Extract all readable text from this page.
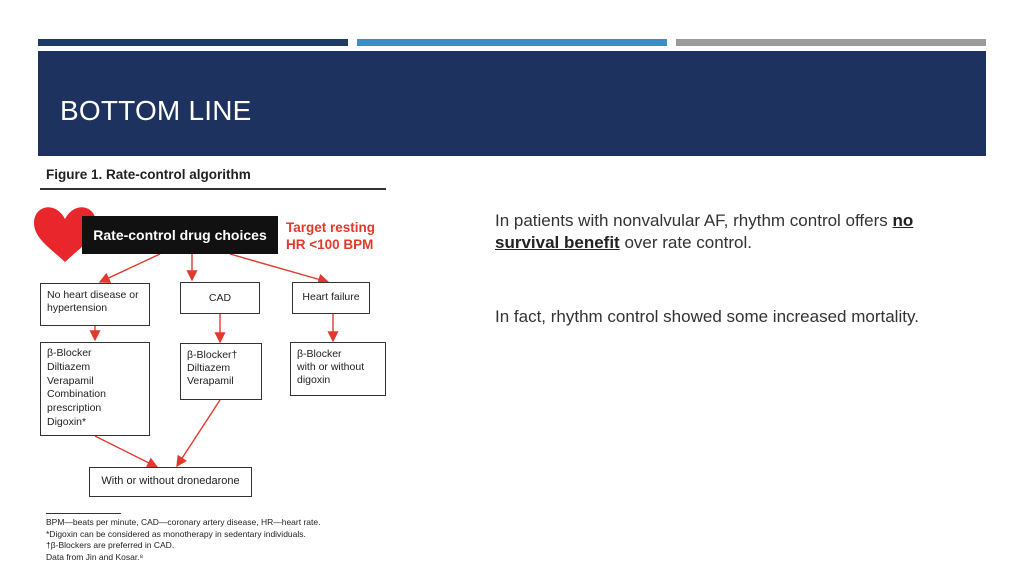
BOTTOM LINE
Figure 1. Rate-control algorithm
Rate-control drug choices	Target resting
HR <100 BPM
No heart disease or
hypertension
CAD	Heart failure
β-Blocker
Diltiazem
Verapamil
Combination
prescription
Digoxin*
β-Blocker†
Diltiazem
Verapamil
β-Blocker
with or without
digoxin
With or without dronedarone
BPM—beats per minute, CAD—coronary artery disease, HR—heart rate.
*Digoxin can be considered as monotherapy in sedentary individuals.
†β-Blockers are preferred in CAD.
Data from Jin and Kosar.⁸
In patients with nonvalvular AF, rhythm control offers no survival benefit over rate control.
In fact, rhythm control showed some increased mortality.
